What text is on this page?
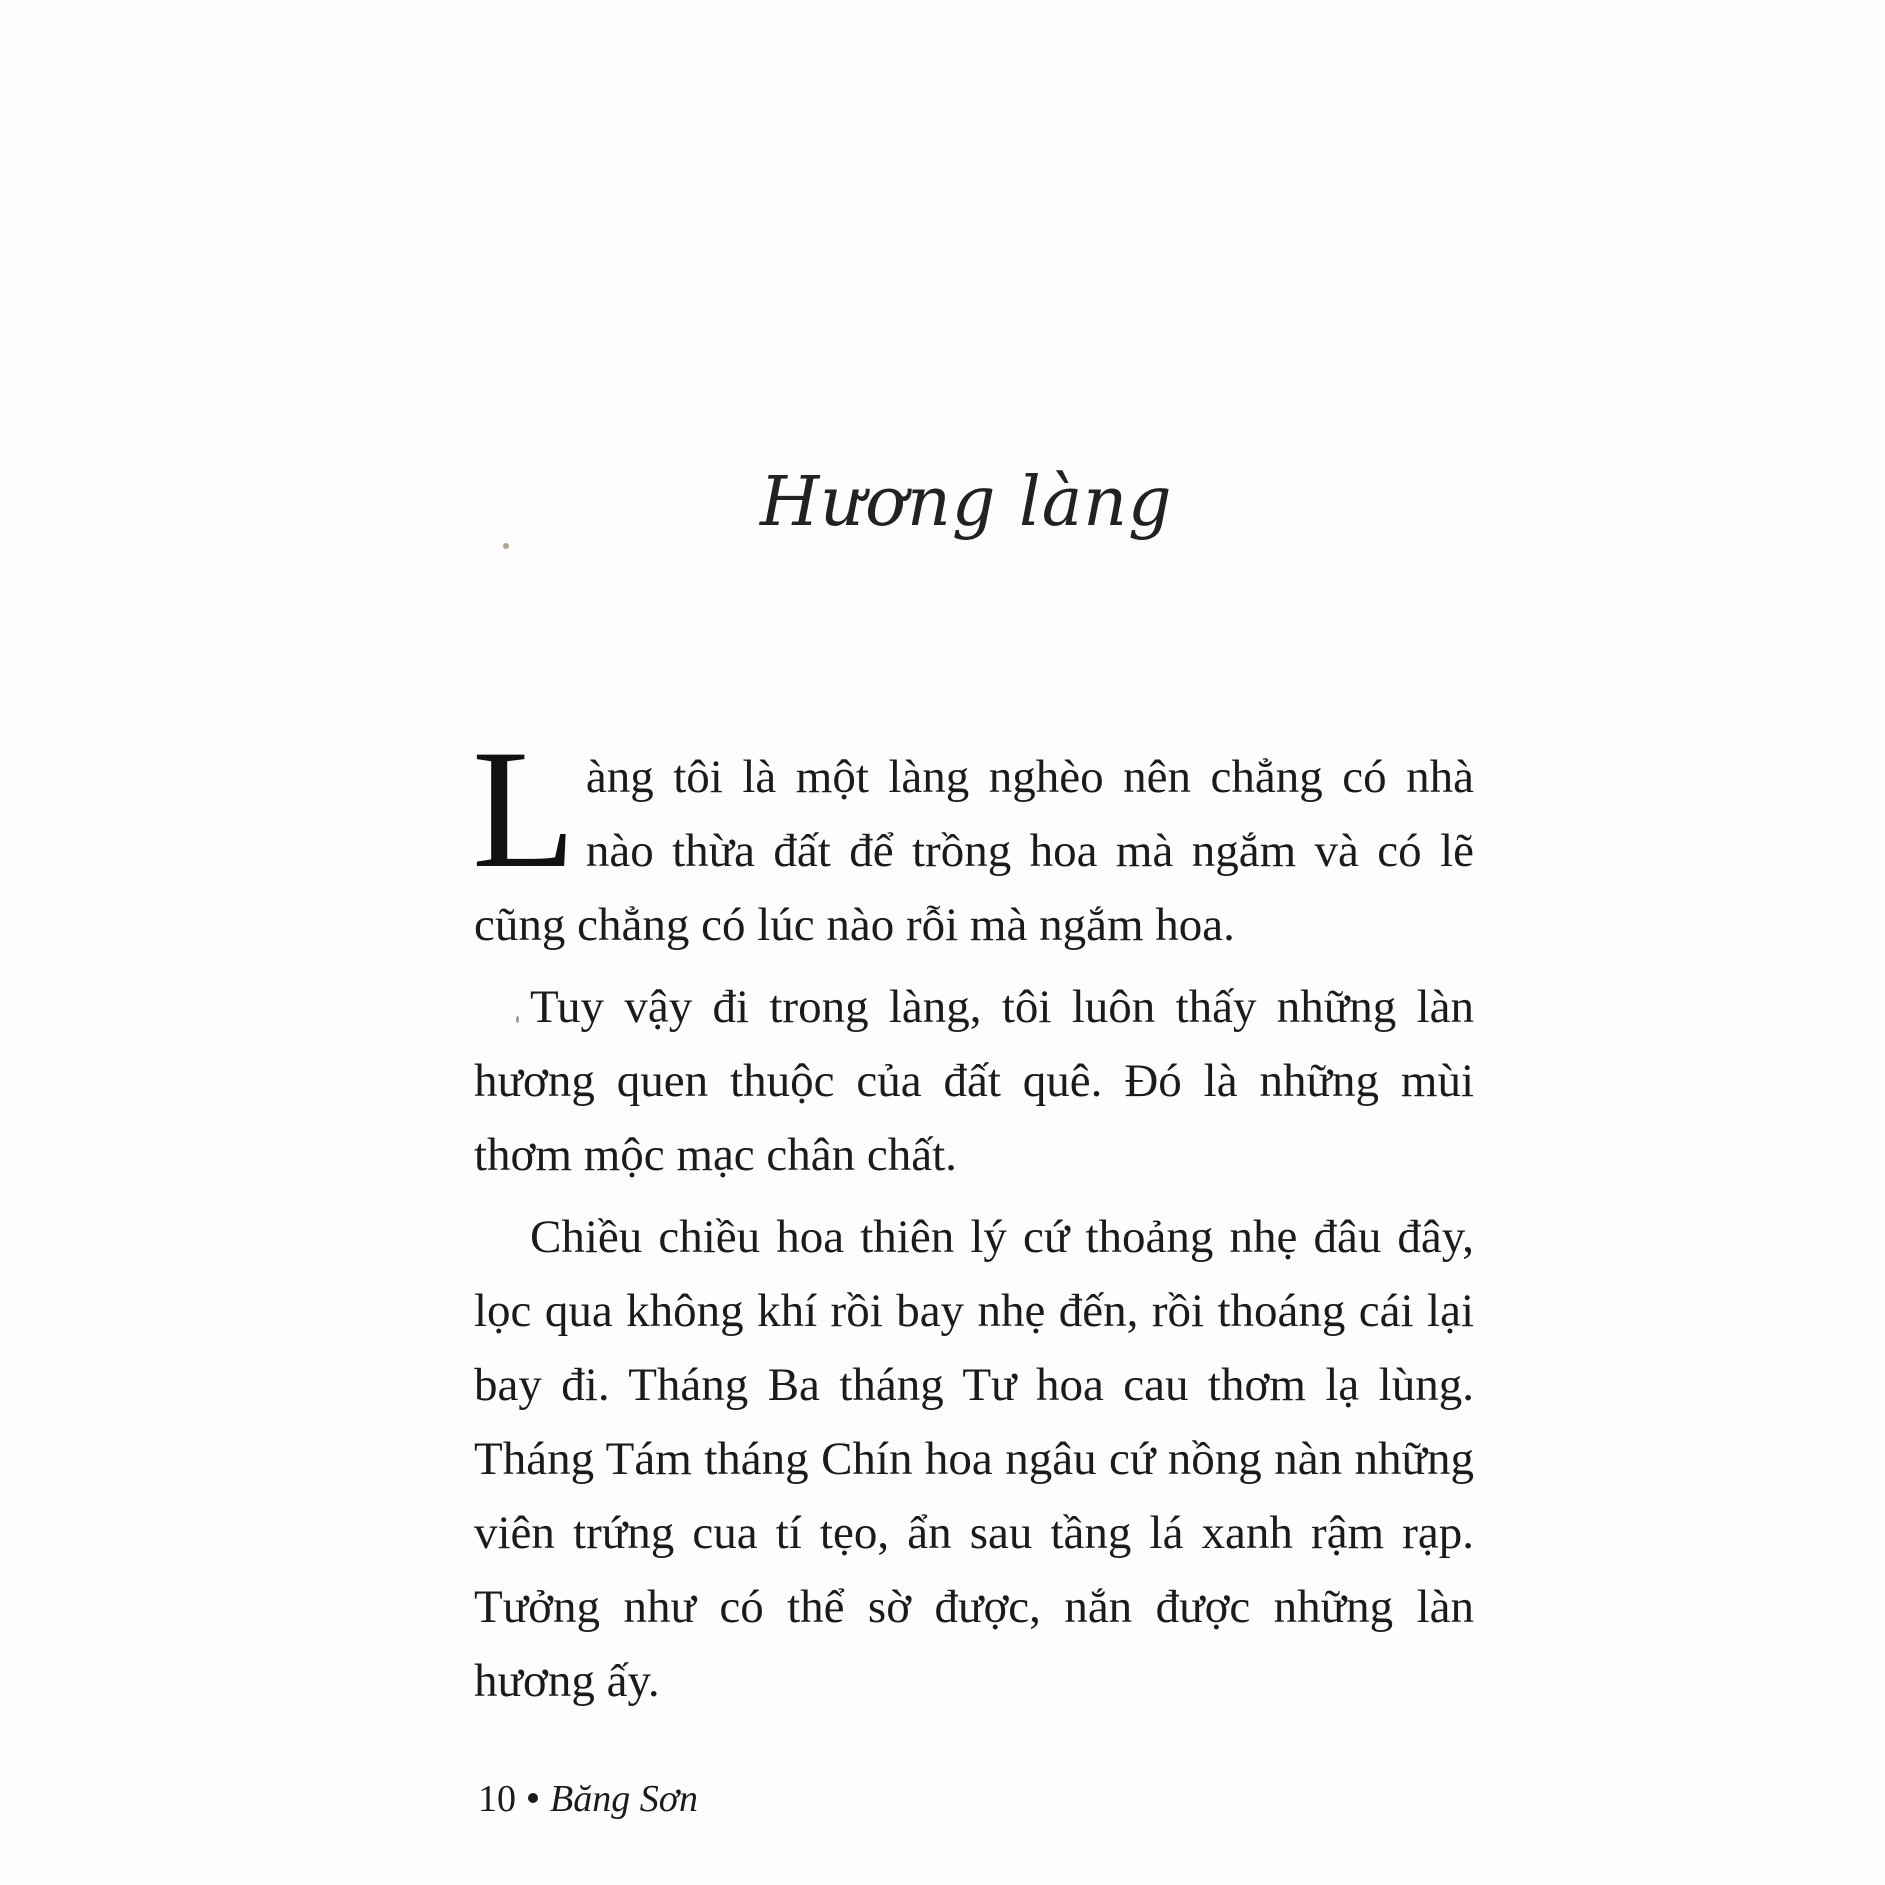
Hương làng

Làng tôi là một làng nghèo nên chẳng có nhà nào thừa đất để trồng hoa mà ngắm và có lẽ cũng chẳng có lúc nào rỗi mà ngắm hoa.

Tuy vậy đi trong làng, tôi luôn thấy những làn hương quen thuộc của đất quê. Đó là những mùi thơm mộc mạc chân chất.

Chiều chiều hoa thiên lý cứ thoảng nhẹ đâu đây, lọc qua không khí rồi bay nhẹ đến, rồi thoáng cái lại bay đi. Tháng Ba tháng Tư hoa cau thơm lạ lùng. Tháng Tám tháng Chín hoa ngâu cứ nồng nàn những viên trứng cua tí tẹo, ẩn sau tầng lá xanh rậm rạp. Tưởng như có thể sờ được, nắn được những làn hương ấy.

10 Băng Sơn
